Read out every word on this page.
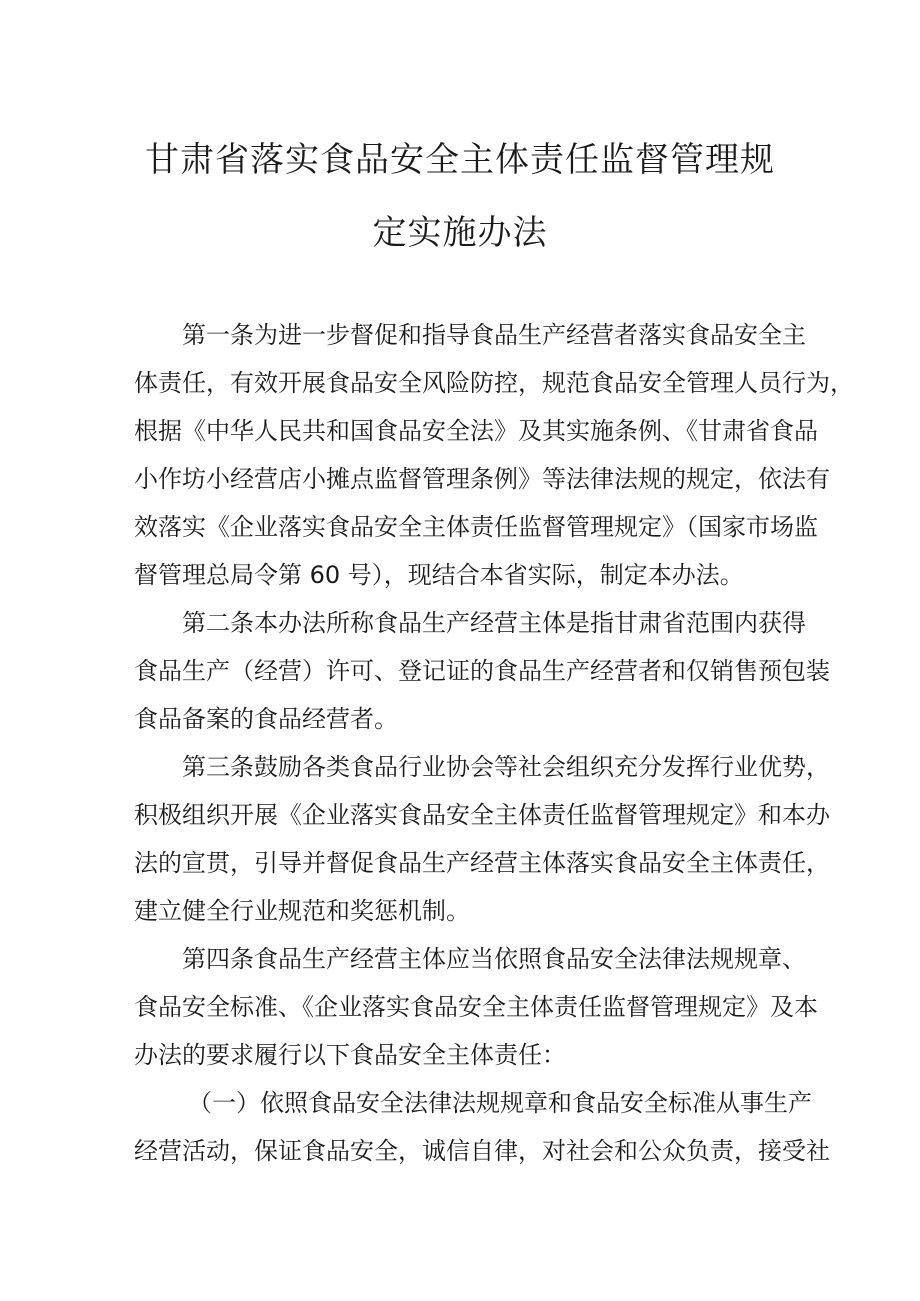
甘肃省落实食品安全主体责任监督管理规
定实施办法
第一条为进一步督促和指导食品生产经营者落实食品安全主
体责任，有效开展食品安全风险防控，规范食品安全管理人员行为，
根据《中华人民共和国食品安全法》及其实施条例、《甘肃省食品
小作坊小经营店小摊点监督管理条例》等法律法规的规定，依法有
效落实《企业落实食品安全主体责任监督管理规定》（国家市场监
督管理总局令第 60 号），现结合本省实际，制定本办法。
第二条本办法所称食品生产经营主体是指甘肃省范围内获得
食品生产（经营）许可、登记证的食品生产经营者和仅销售预包装
食品备案的食品经营者。
第三条鼓励各类食品行业协会等社会组织充分发挥行业优势，
积极组织开展《企业落实食品安全主体责任监督管理规定》和本办
法的宣贯，引导并督促食品生产经营主体落实食品安全主体责任，
建立健全行业规范和奖惩机制。
第四条食品生产经营主体应当依照食品安全法律法规规章、
食品安全标准、《企业落实食品安全主体责任监督管理规定》及本
办法的要求履行以下食品安全主体责任：
（一）依照食品安全法律法规规章和食品安全标准从事生产
经营活动，保证食品安全，诚信自律，对社会和公众负责，接受社
